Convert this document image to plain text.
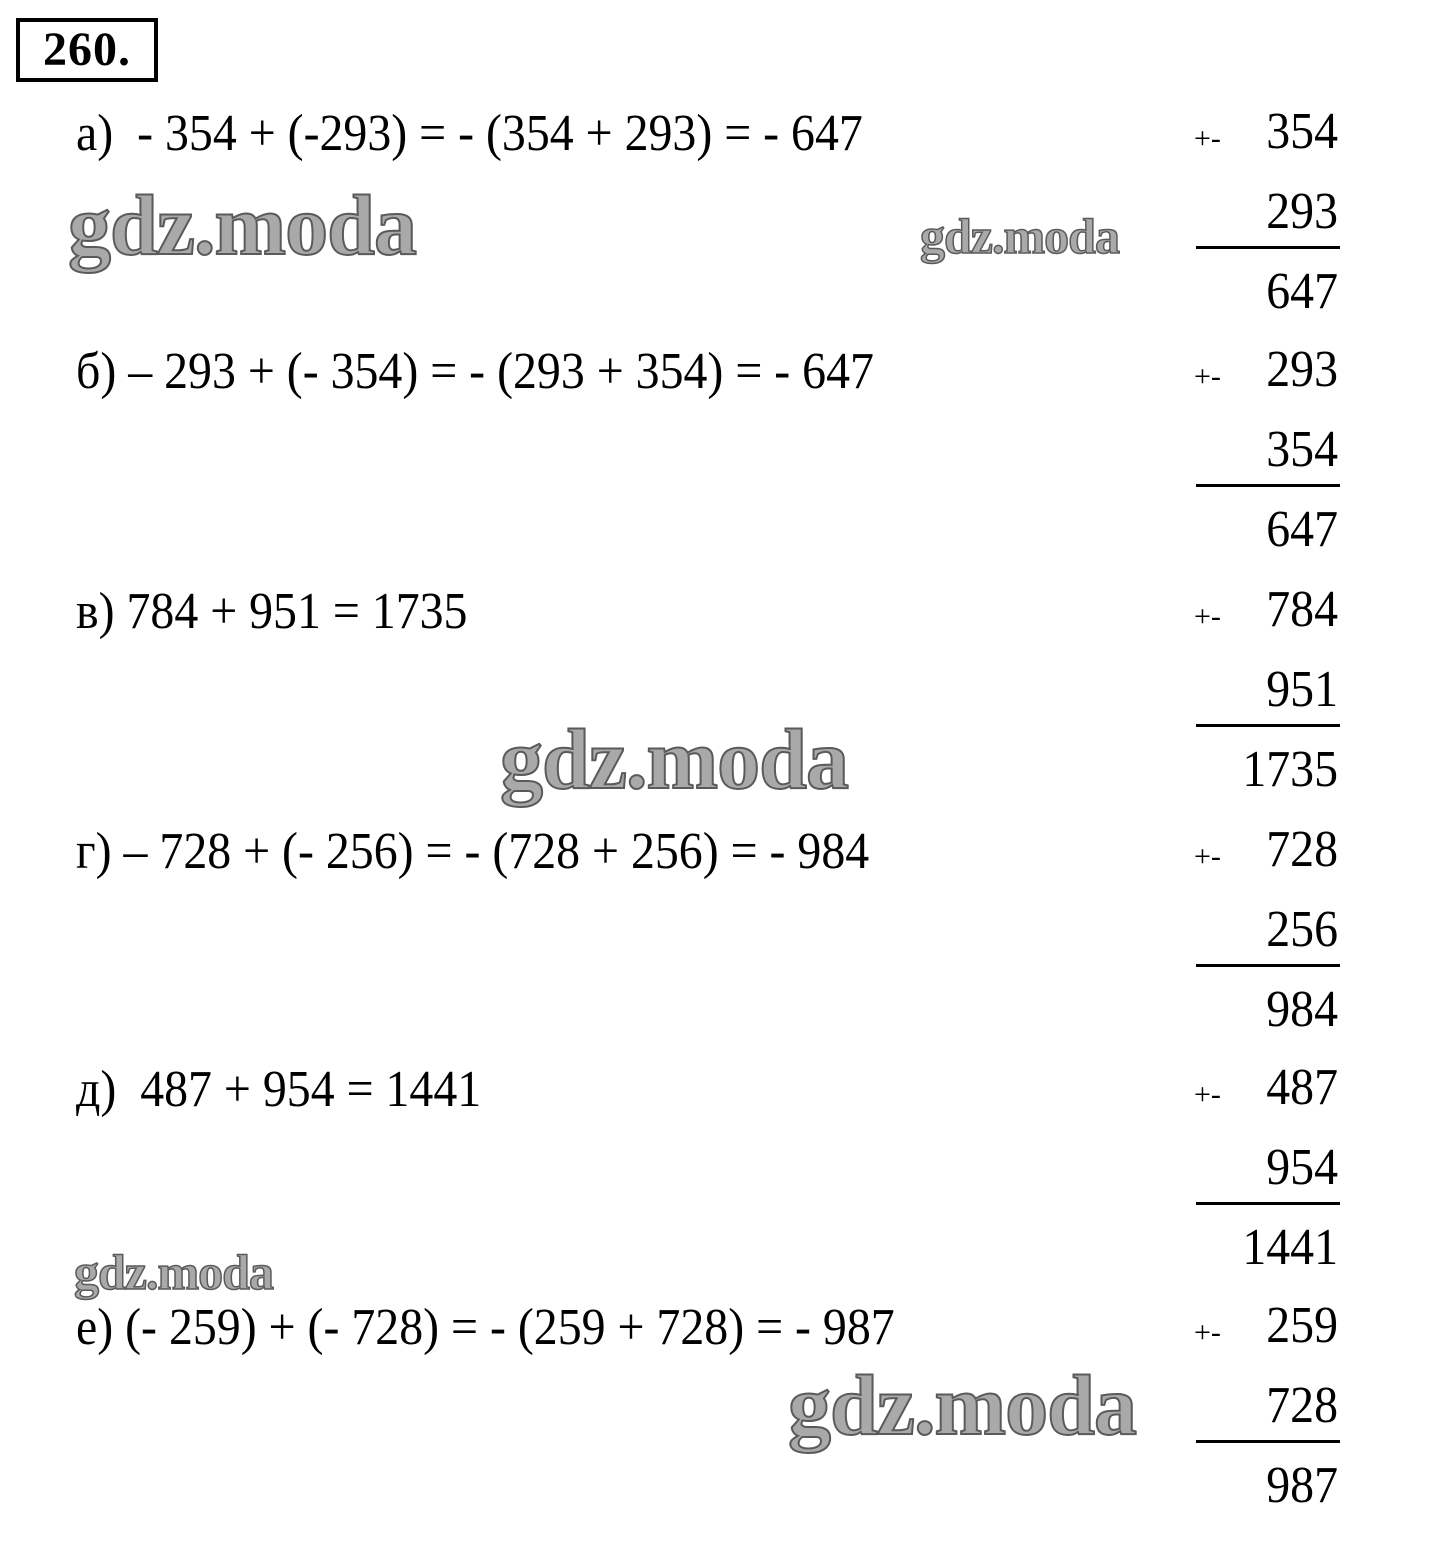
260.
а)  - 354 + (-293) = - (354 + 293) = - 647	+- 354
293
647
б) – 293 + (- 354) = - (293 + 354) = - 647	+- 293
354
647
в) 784 + 951 = 1735	+- 784
951
1735
г) – 728 + (- 256) = - (728 + 256) = - 984	+- 728
256
984
д)  487 + 954 = 1441	+- 487
954
1441
е) (- 259) + (- 728) = - (259 + 728) = - 987	+- 259
728
987
gdz.moda	gdz.moda
gdz.moda
gdz.moda
gdz.moda
